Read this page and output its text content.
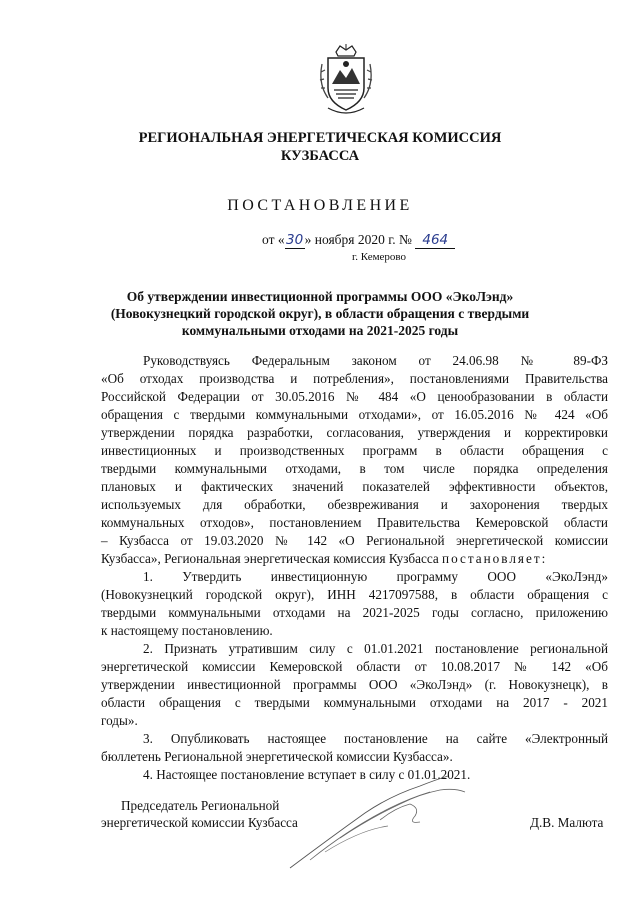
РЕГИОНАЛЬНАЯ ЭНЕРГЕТИЧЕСКАЯ КОМИССИЯ
КУЗБАССА
ПОСТАНОВЛЕНИЕ
от «30» ноября 2020 г. № 464
г. Кемерово
Об утверждении инвестиционной программы ООО «ЭкоЛэнд»
(Новокузнецкий городской округ), в области обращения с твердыми
коммунальными отходами на 2021-2025 годы
Руководствуясь Федеральным законом от 24.06.98 № 89-ФЗ
«Об отходах производства и потребления», постановлениями Правительства
Российской Федерации от 30.05.2016 № 484 «О ценообразовании в области
обращения с твердыми коммунальными отходами», от 16.05.2016 № 424 «Об
утверждении порядка разработки, согласования, утверждения и корректировки
инвестиционных и производственных программ в области обращения с
твердыми коммунальными отходами, в том числе порядка определения
плановых и фактических значений показателей эффективности объектов,
используемых для обработки, обезвреживания и захоронения твердых
коммунальных отходов», постановлением Правительства Кемеровской области
– Кузбасса от 19.03.2020 № 142 «О Региональной энергетической комиссии
Кузбасса», Региональная энергетическая комиссия Кузбасса постановляет:
1. Утвердить инвестиционную программу ООО «ЭкоЛэнд»
(Новокузнецкий городской округ), ИНН 4217097588, в области обращения с
твердыми коммунальными отходами на 2021-2025 годы согласно, приложению
к настоящему постановлению.
2. Признать утратившим силу с 01.01.2021 постановление региональной
энергетической комиссии Кемеровской области от 10.08.2017 № 142 «Об
утверждении инвестиционной программы ООО «ЭкоЛэнд» (г. Новокузнецк), в
области обращения с твердыми коммунальными отходами на 2017 - 2021
годы».
3. Опубликовать настоящее постановление на сайте «Электронный
бюллетень Региональной энергетической комиссии Кузбасса».
4. Настоящее постановление вступает в силу с 01.01.2021.
Председатель Региональной
энергетической комиссии Кузбасса	Д.В. Малюта
